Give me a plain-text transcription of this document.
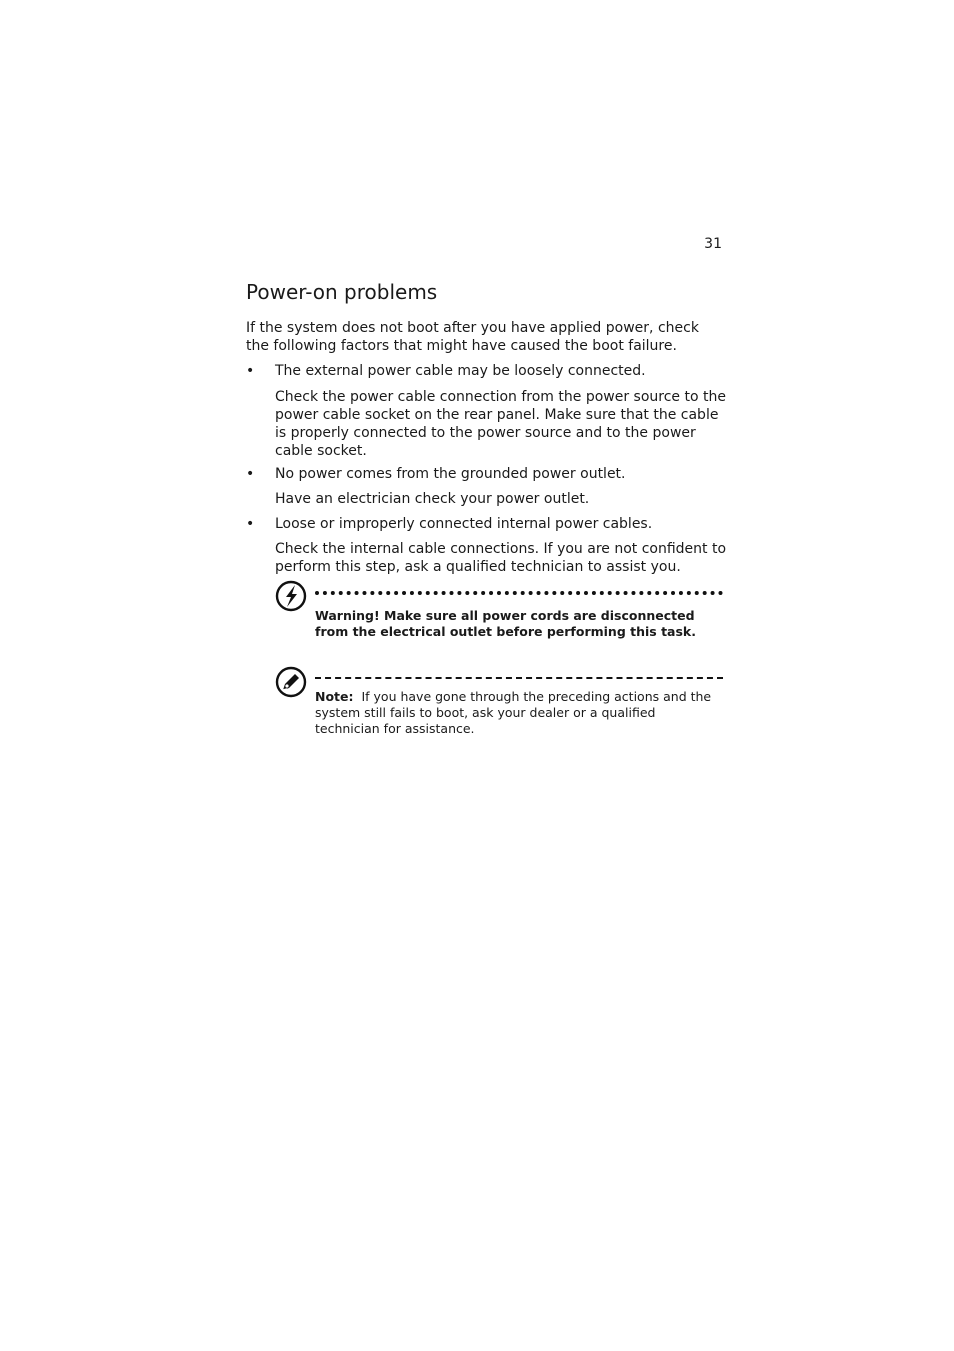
31
Power-on problems

If the system does not boot after you have applied power, check the following factors that might have caused the boot failure.

• The external power cable may be loosely connected.

Check the power cable connection from the power source to the power cable socket on the rear panel. Make sure that the cable is properly connected to the power source and to the power cable socket.

• No power comes from the grounded power outlet.

Have an electrician check your power outlet.

• Loose or improperly connected internal power cables.

Check the internal cable connections. If you are not confident to perform this step, ask a qualified technician to assist you.

Warning! Make sure all power cords are disconnected from the electrical outlet before performing this task.

Note: If you have gone through the preceding actions and the system still fails to boot, ask your dealer or a qualified technician for assistance.
